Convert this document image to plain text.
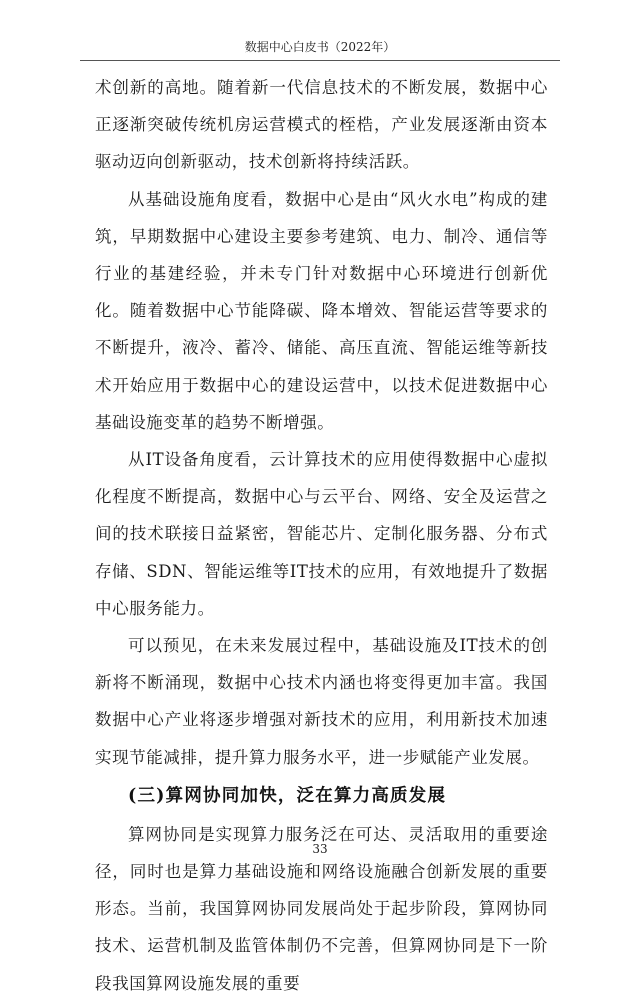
数据中心白皮书（2022年）

术创新的高地。随着新一代信息技术的不断发展，数据中心正逐渐突破传统机房运营模式的桎梏，产业发展逐渐由资本驱动迈向创新驱动，技术创新将持续活跃。

从基础设施角度看，数据中心是由“风火水电”构成的建筑，早期数据中心建设主要参考建筑、电力、制冷、通信等行业的基建经验，并未专门针对数据中心环境进行创新优化。随着数据中心节能降碳、降本增效、智能运营等要求的不断提升，液冷、蓄冷、储能、高压直流、智能运维等新技术开始应用于数据中心的建设运营中，以技术促进数据中心基础设施变革的趋势不断增强。

从IT设备角度看，云计算技术的应用使得数据中心虚拟化程度不断提高，数据中心与云平台、网络、安全及运营之间的技术联接日益紧密，智能芯片、定制化服务器、分布式存储、SDN、智能运维等IT技术的应用，有效地提升了数据中心服务能力。

可以预见，在未来发展过程中，基础设施及IT技术的创新将不断涌现，数据中心技术内涵也将变得更加丰富。我国数据中心产业将逐步增强对新技术的应用，利用新技术加速实现节能减排，提升算力服务水平，进一步赋能产业发展。

(三)算网协同加快，泛在算力高质发展

算网协同是实现算力服务泛在可达、灵活取用的重要途径，同时也是算力基础设施和网络设施融合创新发展的重要形态。当前，我国算网协同发展尚处于起步阶段，算网协同技术、运营机制及监管体制仍不完善，但算网协同是下一阶段我国算网设施发展的重要

33
